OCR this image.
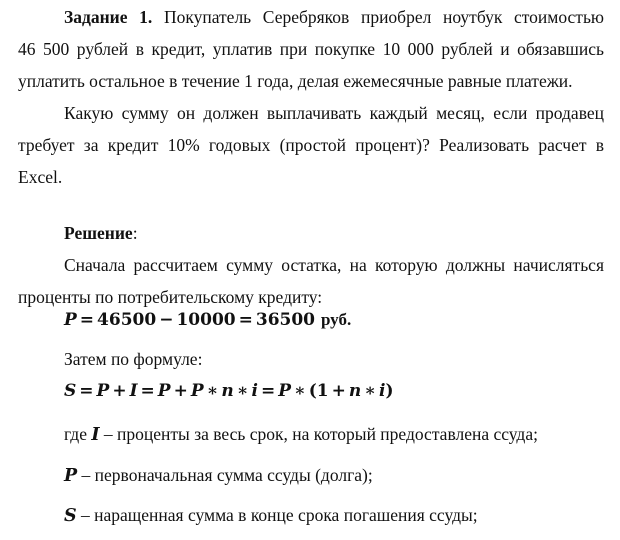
Задание 1. Покупатель Серебряков приобрел ноутбук стоимостью
46 500 рублей в кредит, уплатив при покупке 10 000 рублей и обязавшись
уплатить остальное в течение 1 года, делая ежемесячные равные платежи.
Какую сумму он должен выплачивать каждый месяц, если продавец
требует за кредит 10% годовых (простой процент)? Реализовать расчет в
Excel.
Решение:
Сначала рассчитаем сумму остатка, на которую должны начисляться
проценты по потребительскому кредиту:
P = 46500 − 10000 = 36500 руб.
Затем по формуле:
S = P + I = P + P ∗ n ∗ i = P ∗ (1 + n ∗ i)
где I – проценты за весь срок, на который предоставлена ссуда;
P – первоначальная сумма ссуды (долга);
S – наращенная сумма в конце срока погашения ссуды;
